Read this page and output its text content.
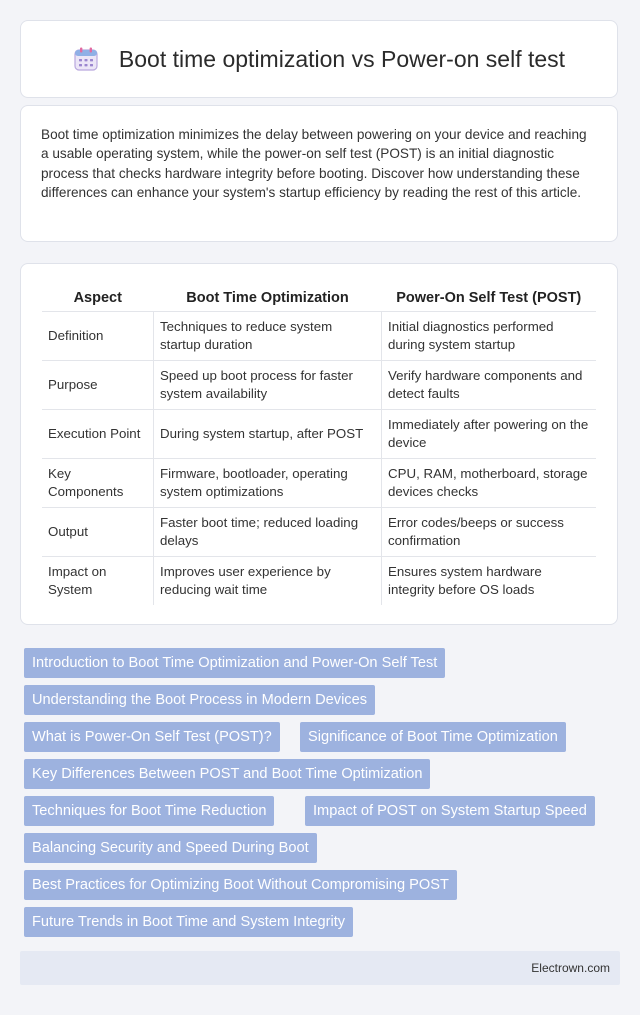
Boot time optimization vs Power-on self test

Boot time optimization minimizes the delay between powering on your device and reaching a usable operating system, while the power-on self test (POST) is an initial diagnostic process that checks hardware integrity before booting. Discover how understanding these differences can enhance your system's startup efficiency by reading the rest of this article.

Aspect	Boot Time Optimization	Power-On Self Test (POST)
Definition	Techniques to reduce system startup duration	Initial diagnostics performed during system startup
Purpose	Speed up boot process for faster system availability	Verify hardware components and detect faults
Execution Point	During system startup, after POST	Immediately after powering on the device
Key Components	Firmware, bootloader, operating system optimizations	CPU, RAM, motherboard, storage devices checks
Output	Faster boot time; reduced loading delays	Error codes/beeps or success confirmation
Impact on System	Improves user experience by reducing wait time	Ensures system hardware integrity before OS loads
Introduction to Boot Time Optimization and Power-On Self Test
Understanding the Boot Process in Modern Devices
What is Power-On Self Test (POST)?	Significance of Boot Time Optimization
Key Differences Between POST and Boot Time Optimization
Techniques for Boot Time Reduction	Impact of POST on System Startup Speed
Balancing Security and Speed During Boot
Best Practices for Optimizing Boot Without Compromising POST
Future Trends in Boot Time and System Integrity
Electrown.com
